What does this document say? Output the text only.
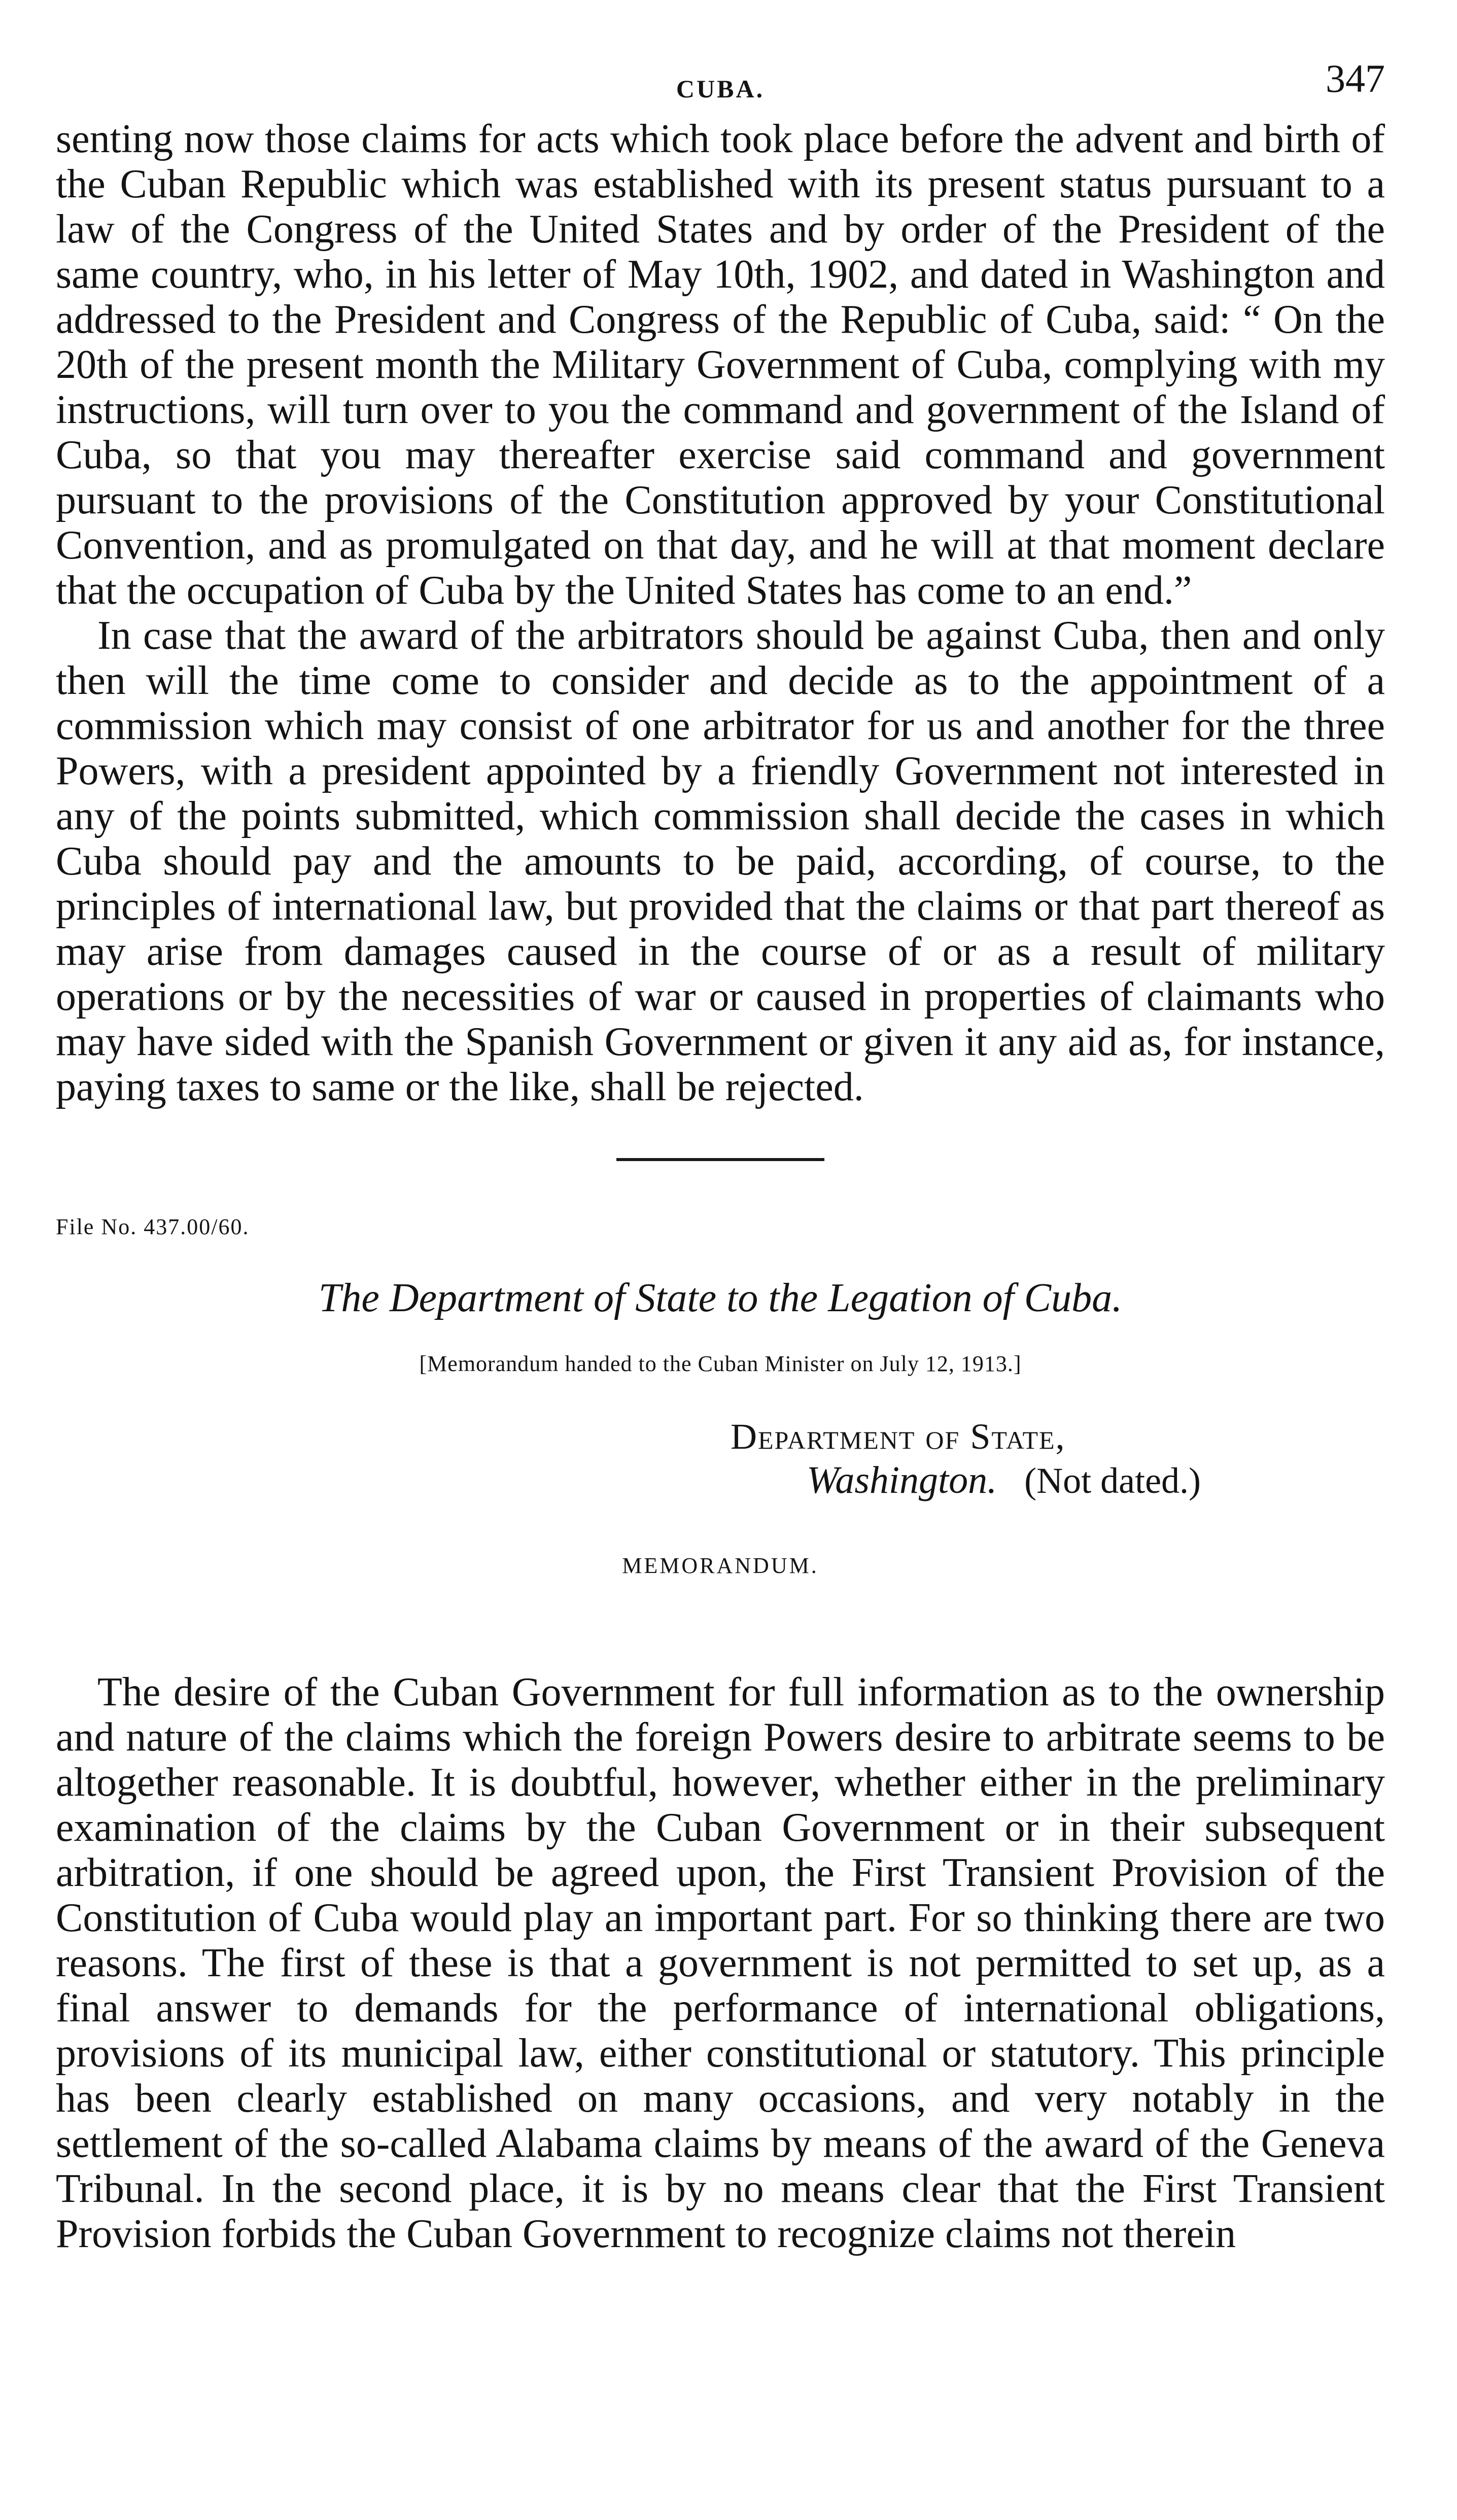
CUBA.	347

senting now those claims for acts which took place before the advent and birth of the Cuban Republic which was established with its present status pursuant to a law of the Congress of the United States and by order of the President of the same country, who, in his letter of May 10th, 1902, and dated in Washington and addressed to the President and Congress of the Republic of Cuba, said: “ On the 20th of the present month the Military Government of Cuba, complying with my instructions, will turn over to you the command and government of the Island of Cuba, so that you may thereafter exercise said command and government pursuant to the provisions of the Constitution approved by your Constitutional Convention, and as promulgated on that day, and he will at that moment declare that the occupation of Cuba by the United States has come to an end.”

In case that the award of the arbitrators should be against Cuba, then and only then will the time come to consider and decide as to the appointment of a commission which may consist of one arbitrator for us and another for the three Powers, with a president appointed by a friendly Government not interested in any of the points submitted, which commission shall decide the cases in which Cuba should pay and the amounts to be paid, according, of course, to the principles of international law, but provided that the claims or that part thereof as may arise from damages caused in the course of or as a result of military operations or by the necessities of war or caused in properties of claimants who may have sided with the Spanish Government or given it any aid as, for instance, paying taxes to same or the like, shall be rejected.

File No. 437.00/60.
The Department of State to the Legation of Cuba.
[Memorandum handed to the Cuban Minister on July 12, 1913.]
Department of State,
Washington. (Not dated.)
MEMORANDUM.

The desire of the Cuban Government for full information as to the ownership and nature of the claims which the foreign Powers desire to arbitrate seems to be altogether reasonable. It is doubtful, however, whether either in the preliminary examination of the claims by the Cuban Government or in their subsequent arbitration, if one should be agreed upon, the First Transient Provision of the Constitution of Cuba would play an important part. For so thinking there are two reasons. The first of these is that a government is not permitted to set up, as a final answer to demands for the performance of international obligations, provisions of its municipal law, either constitutional or statutory. This principle has been clearly established on many occasions, and very notably in the settlement of the so-called Alabama claims by means of the award of the Geneva Tribunal. In the second place, it is by no means clear that the First Transient Provision forbids the Cuban Government to recognize claims not therein
